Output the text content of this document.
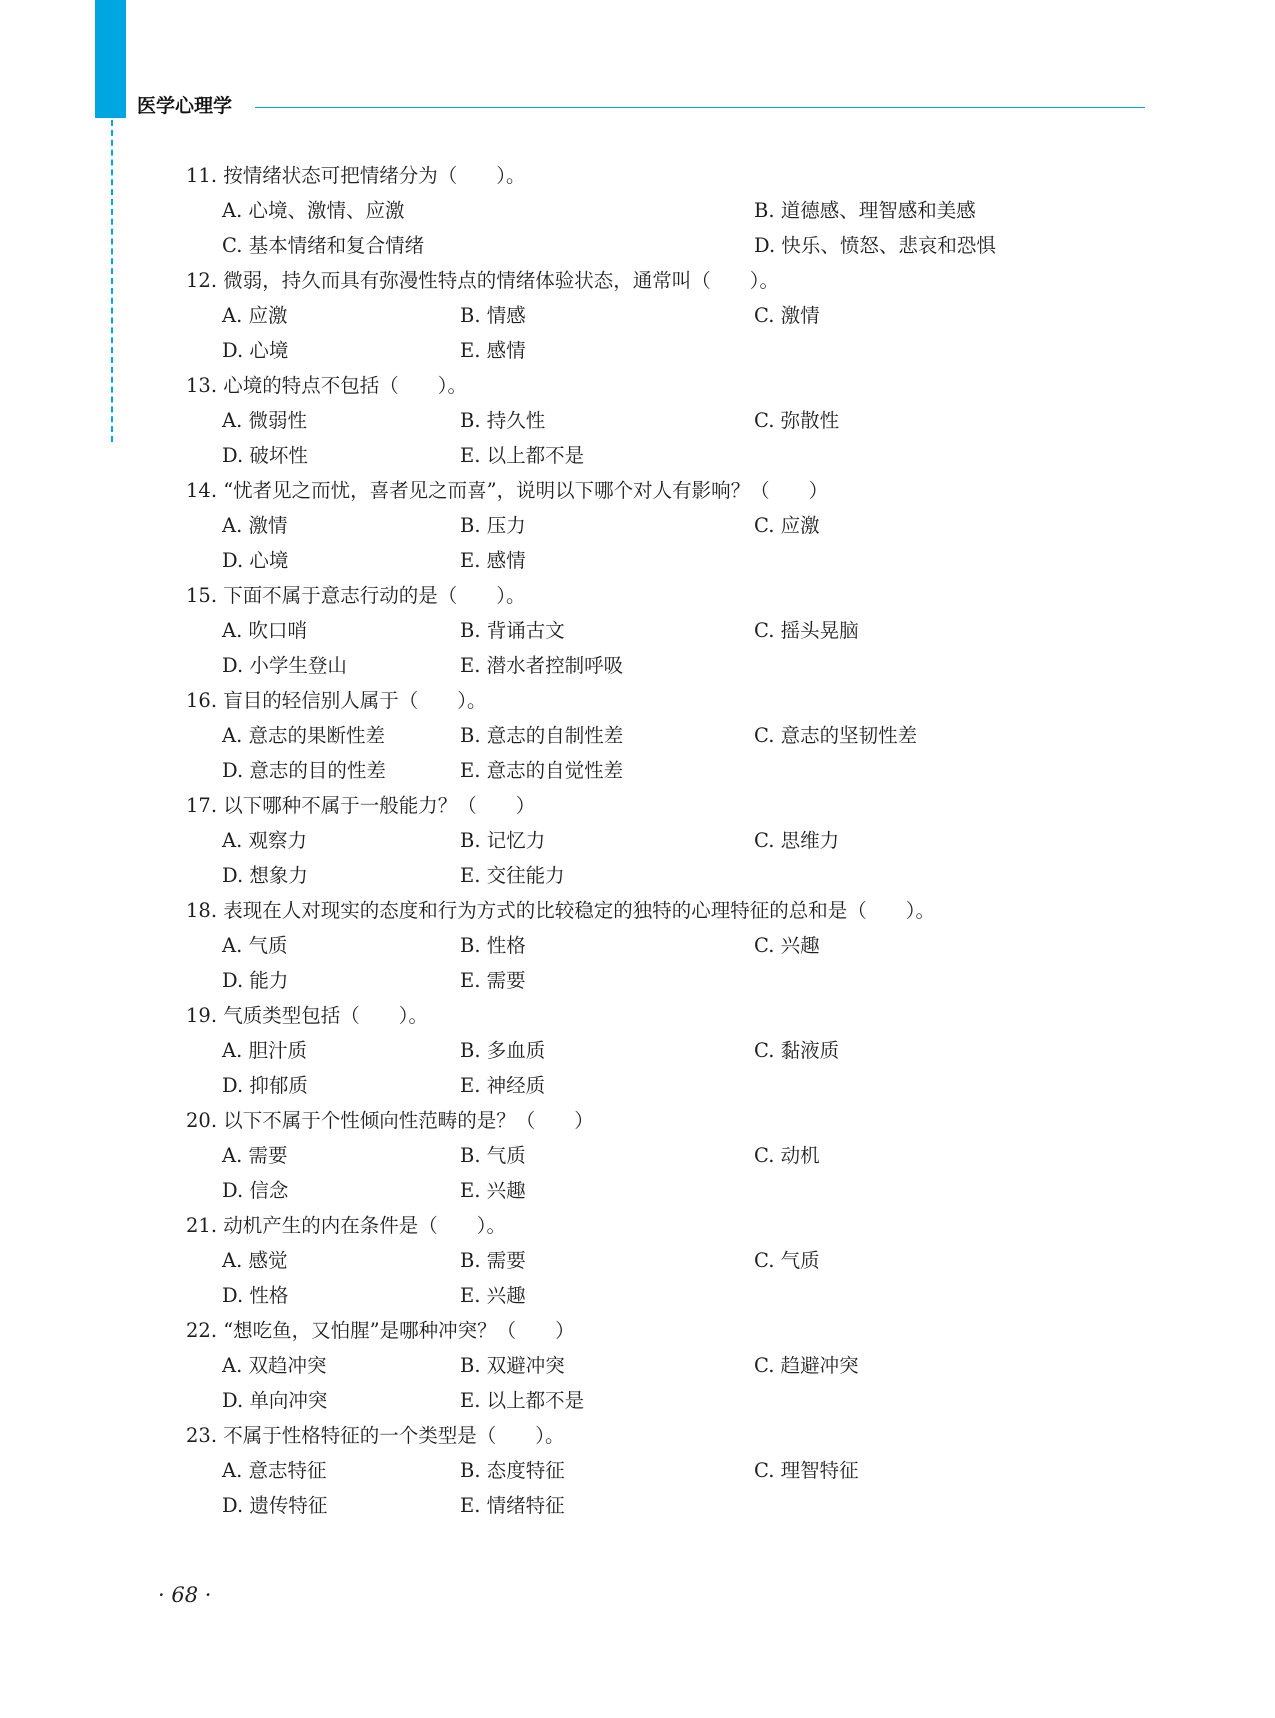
医学心理学
11. 按情绪状态可把情绪分为（　　）。
A. 心境、激情、应激	B. 道德感、理智感和美感
C. 基本情绪和复合情绪	D. 快乐、愤怒、悲哀和恐惧
12. 微弱，持久而具有弥漫性特点的情绪体验状态，通常叫（　　）。
A. 应激	B. 情感	C. 激情
D. 心境	E. 感情
13. 心境的特点不包括（　　）。
A. 微弱性	B. 持久性	C. 弥散性
D. 破坏性	E. 以上都不是
14. “忧者见之而忧，喜者见之而喜”，说明以下哪个对人有影响？（　　）
A. 激情	B. 压力	C. 应激
D. 心境	E. 感情
15. 下面不属于意志行动的是（　　）。
A. 吹口哨	B. 背诵古文	C. 摇头晃脑
D. 小学生登山	E. 潜水者控制呼吸
16. 盲目的轻信别人属于（　　）。
A. 意志的果断性差	B. 意志的自制性差	C. 意志的坚韧性差
D. 意志的目的性差	E. 意志的自觉性差
17. 以下哪种不属于一般能力？（　　）
A. 观察力	B. 记忆力	C. 思维力
D. 想象力	E. 交往能力
18. 表现在人对现实的态度和行为方式的比较稳定的独特的心理特征的总和是（　　）。
A. 气质	B. 性格	C. 兴趣
D. 能力	E. 需要
19. 气质类型包括（　　）。
A. 胆汁质	B. 多血质	C. 黏液质
D. 抑郁质	E. 神经质
20. 以下不属于个性倾向性范畴的是？（　　）
A. 需要	B. 气质	C. 动机
D. 信念	E. 兴趣
21. 动机产生的内在条件是（　　）。
A. 感觉	B. 需要	C. 气质
D. 性格	E. 兴趣
22. “想吃鱼，又怕腥”是哪种冲突？（　　）
A. 双趋冲突	B. 双避冲突	C. 趋避冲突
D. 单向冲突	E. 以上都不是
23. 不属于性格特征的一个类型是（　　）。
A. 意志特征	B. 态度特征	C. 理智特征
D. 遗传特征	E. 情绪特征
· 68 ·
